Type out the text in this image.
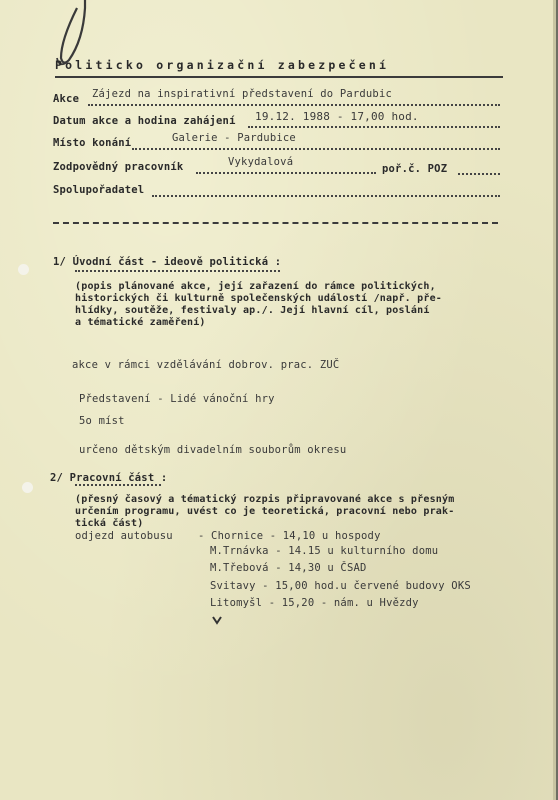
Politicko organizační zabezpečení
Akce Zájezd na inspirativní představení do Pardubic
Datum akce a hodina zahájení 19.12. 1988 - 17,00 hod.
Místo konání	Galerie - Pardubice
Zodpovědný pracovník	Vykydalová
poř.č. POZ
Spolupořadatel
1/ Úvodní část - ideově politická :
(popis plánované akce, její zařazení do rámce politických,
historických či kulturně společenských událostí /např. pře-
hlídky, soutěže, festivaly ap./. Její hlavní cíl, poslání
a tématické zaměření)
akce v rámci vzdělávání dobrov. prac. ZUČ
Představení - Lidé vánoční hry
5o míst
určeno dětským divadelním souborům okresu
2/ Pracovní část :
(přesný časový a tématický rozpis připravované akce s přesným
určením programu, uvést co je teoretická, pracovní nebo prak-
tická část)
odjezd autobusu - Chornice - 14,10 u hospody
M.Trnávka - 14.15 u kulturního domu
M.Třebová - 14,30 u ČSAD
Svitavy - 15,00 hod.u červené budovy OKS
Litomyšl - 15,20 - nám. u Hvězdy
